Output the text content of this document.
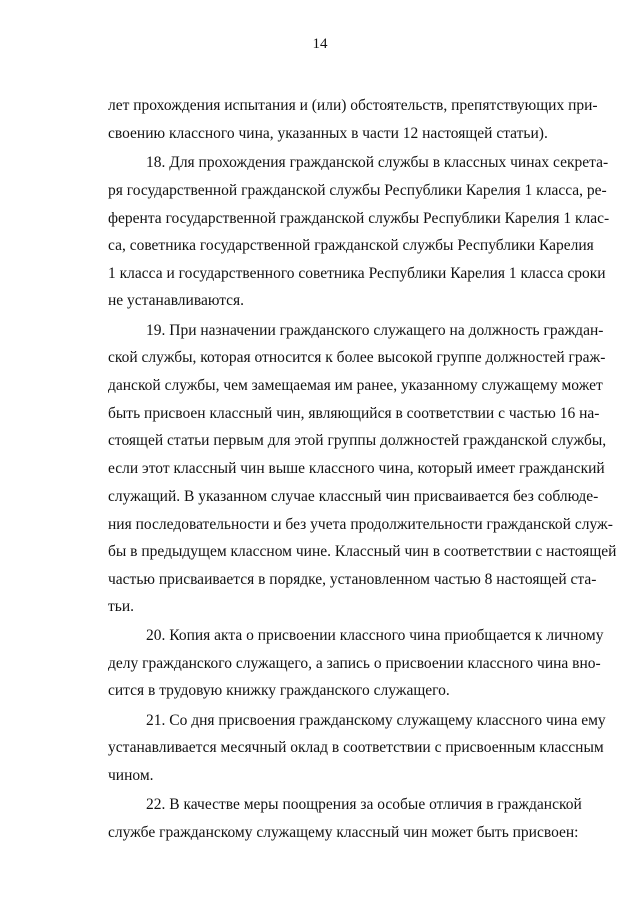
14
лет прохождения испытания и (или) обстоятельств, препятствующих при-
своению классного чина, указанных в части 12 настоящей статьи).
18. Для прохождения гражданской службы в классных чинах секрета-
ря государственной гражданской службы Республики Карелия 1 класса, ре-
ферента государственной гражданской службы Республики Карелия 1 клас-
са, советника государственной гражданской службы Республики Карелия
1 класса и государственного советника Республики Карелия 1 класса сроки
не устанавливаются.
19. При назначении гражданского служащего на должность граждан-
ской службы, которая относится к более высокой группе должностей граж-
данской службы, чем замещаемая им ранее, указанному служащему может
быть присвоен классный чин, являющийся в соответствии с частью 16 на-
стоящей статьи первым для этой группы должностей гражданской службы,
если этот классный чин выше классного чина, который имеет гражданский
служащий. В указанном случае классный чин присваивается без соблюде-
ния последовательности и без учета продолжительности гражданской служ-
бы в предыдущем классном чине. Классный чин в соответствии с настоящей
частью присваивается в порядке, установленном частью 8 настоящей ста-
тьи.
20. Копия акта о присвоении классного чина приобщается к личному
делу гражданского служащего, а запись о присвоении классного чина вно-
сится в трудовую книжку гражданского служащего.
21. Со дня присвоения гражданскому служащему классного чина ему
устанавливается месячный оклад в соответствии с присвоенным классным
чином.
22. В качестве меры поощрения за особые отличия в гражданской
службе гражданскому служащему классный чин может быть присвоен:
